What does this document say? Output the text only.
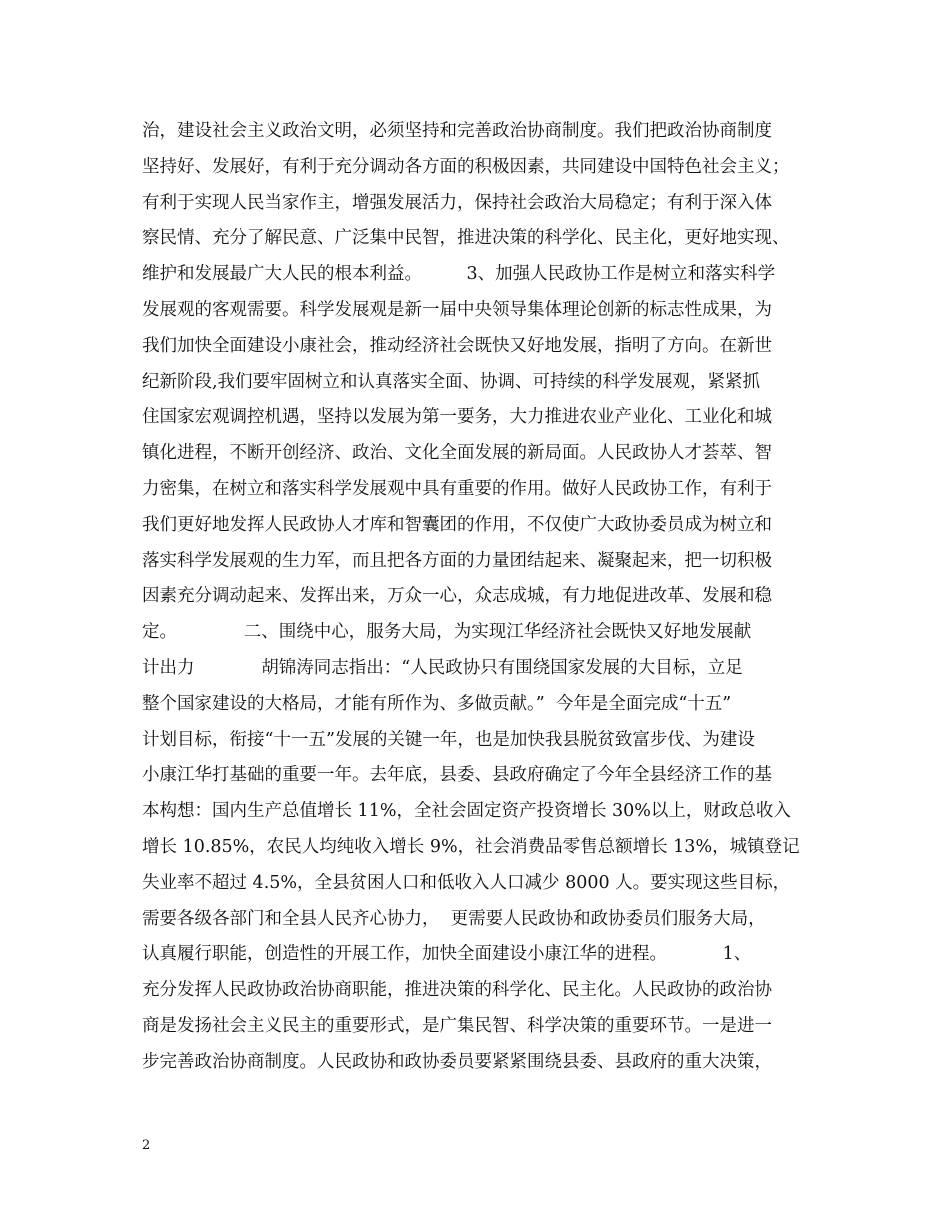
治，建设社会主义政治文明，必须坚持和完善政治协商制度。我们把政治协商制度
坚持好、发展好，有利于充分调动各方面的积极因素，共同建设中国特色社会主义；
有利于实现人民当家作主，增强发展活力，保持社会政治大局稳定；有利于深入体
察民情、充分了解民意、广泛集中民智，推进决策的科学化、民主化，更好地实现、
维护和发展最广大人民的根本利益。        3、加强人民政协工作是树立和落实科学
发展观的客观需要。科学发展观是新一届中央领导集体理论创新的标志性成果，为
我们加快全面建设小康社会，推动经济社会既快又好地发展，指明了方向。在新世
纪新阶段,我们要牢固树立和认真落实全面、协调、可持续的科学发展观，紧紧抓
住国家宏观调控机遇，坚持以发展为第一要务，大力推进农业产业化、工业化和城
镇化进程，不断开创经济、政治、文化全面发展的新局面。人民政协人才荟萃、智
力密集，在树立和落实科学发展观中具有重要的作用。做好人民政协工作，有利于
我们更好地发挥人民政协人才库和智囊团的作用，不仅使广大政协委员成为树立和
落实科学发展观的生力军，而且把各方面的力量团结起来、凝聚起来，把一切积极
因素充分调动起来、发挥出来，万众一心，众志成城，有力地促进改革、发展和稳
定。            二、围绕中心，服务大局，为实现江华经济社会既快又好地发展献
计出力            胡锦涛同志指出：“人民政协只有围绕国家发展的大目标，立足
整个国家建设的大格局，才能有所作为、多做贡献。”  今年是全面完成“十五”
计划目标，衔接“十一五”发展的关键一年，也是加快我县脱贫致富步伐、为建设
小康江华打基础的重要一年。去年底，县委、县政府确定了今年全县经济工作的基
本构想：国内生产总值增长 11%，全社会固定资产投资增长 30%以上，财政总收入
增长 10.85%，农民人均纯收入增长 9%，社会消费品零售总额增长 13%，城镇登记
失业率不超过 4.5%，全县贫困人口和低收入人口减少 8000 人。要实现这些目标，
需要各级各部门和全县人民齐心协力，  更需要人民政协和政协委员们服务大局，
认真履行职能，创造性的开展工作，加快全面建设小康江华的进程。          1、
充分发挥人民政协政治协商职能，推进决策的科学化、民主化。人民政协的政治协
商是发扬社会主义民主的重要形式，是广集民智、科学决策的重要环节。一是进一
步完善政治协商制度。人民政协和政协委员要紧紧围绕县委、县政府的重大决策，
2
